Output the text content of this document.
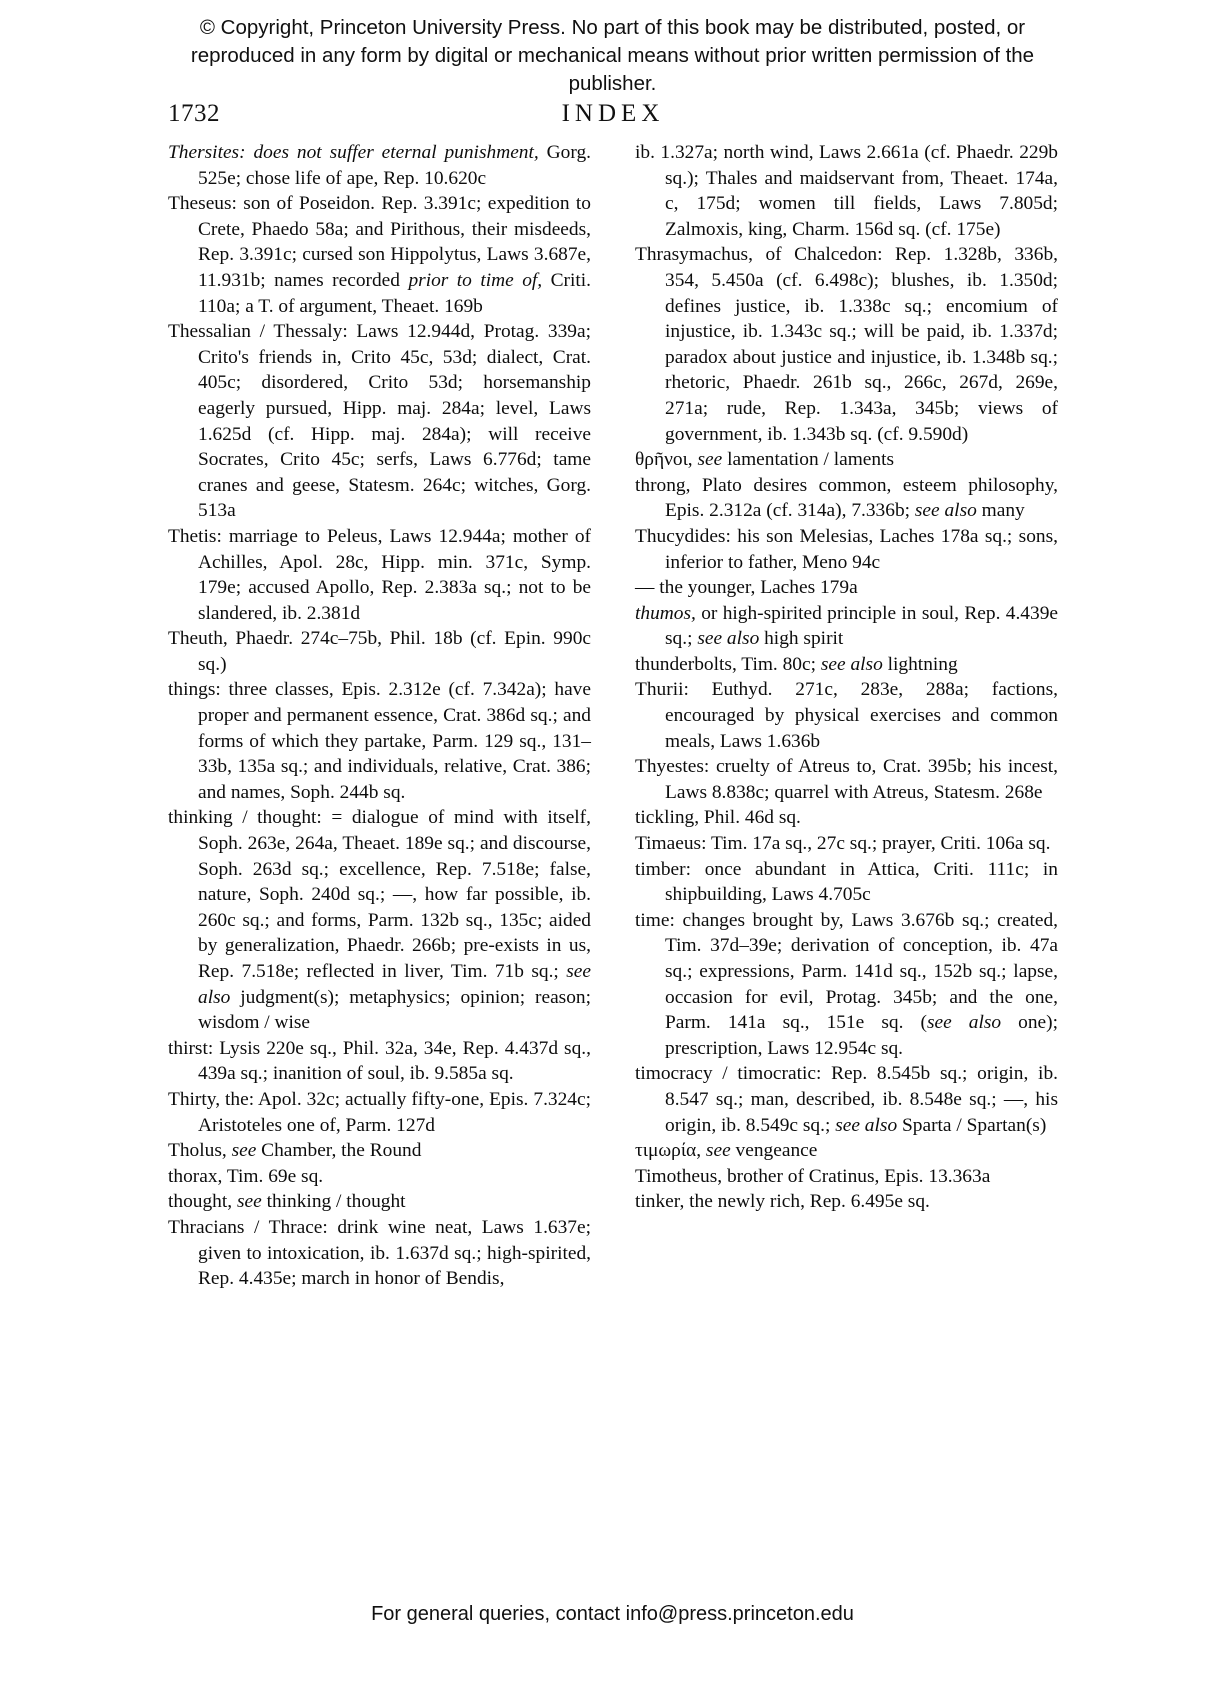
© Copyright, Princeton University Press. No part of this book may be distributed, posted, or reproduced in any form by digital or mechanical means without prior written permission of the publisher.
1732	INDEX

Thersites: does not suffer eternal punishment, Gorg. 525e; chose life of ape, Rep. 10.620c

Theseus: son of Poseidon. Rep. 3.391c; expedition to Crete, Phaedo 58a; and Pirithous, their misdeeds, Rep. 3.391c; cursed son Hippolytus, Laws 3.687e, 11.931b; names recorded prior to time of, Criti. 110a; a T. of argument, Theaet. 169b

Thessalian / Thessaly: Laws 12.944d, Protag. 339a; Crito's friends in, Crito 45c, 53d; dialect, Crat. 405c; disordered, Crito 53d; horsemanship eagerly pursued, Hipp. maj. 284a; level, Laws 1.625d (cf. Hipp. maj. 284a); will receive Socrates, Crito 45c; serfs, Laws 6.776d; tame cranes and geese, Statesm. 264c; witches, Gorg. 513a

Thetis: marriage to Peleus, Laws 12.944a; mother of Achilles, Apol. 28c, Hipp. min. 371c, Symp. 179e; accused Apollo, Rep. 2.383a sq.; not to be slandered, ib. 2.381d

Theuth, Phaedr. 274c–75b, Phil. 18b (cf. Epin. 990c sq.)

things: three classes, Epis. 2.312e (cf. 7.342a); have proper and permanent essence, Crat. 386d sq.; and forms of which they partake, Parm. 129 sq., 131–33b, 135a sq.; and individuals, relative, Crat. 386; and names, Soph. 244b sq.

thinking / thought: = dialogue of mind with itself, Soph. 263e, 264a, Theaet. 189e sq.; and discourse, Soph. 263d sq.; excellence, Rep. 7.518e; false, nature, Soph. 240d sq.; —, how far possible, ib. 260c sq.; and forms, Parm. 132b sq., 135c; aided by generalization, Phaedr. 266b; pre-exists in us, Rep. 7.518e; reflected in liver, Tim. 71b sq.; see also judgment(s); metaphysics; opinion; reason; wisdom / wise

thirst: Lysis 220e sq., Phil. 32a, 34e, Rep. 4.437d sq., 439a sq.; inanition of soul, ib. 9.585a sq.

Thirty, the: Apol. 32c; actually fifty-one, Epis. 7.324c; Aristoteles one of, Parm. 127d

Tholus, see Chamber, the Round

thorax, Tim. 69e sq.

thought, see thinking / thought

Thracians / Thrace: drink wine neat, Laws 1.637e; given to intoxication, ib. 1.637d sq.; high-spirited, Rep. 4.435e; march in honor of Bendis,

ib. 1.327a; north wind, Laws 2.661a (cf. Phaedr. 229b sq.); Thales and maidservant from, Theaet. 174a, c, 175d; women till fields, Laws 7.805d; Zalmoxis, king, Charm. 156d sq. (cf. 175e)

Thrasymachus, of Chalcedon: Rep. 1.328b, 336b, 354, 5.450a (cf. 6.498c); blushes, ib. 1.350d; defines justice, ib. 1.338c sq.; encomium of injustice, ib. 1.343c sq.; will be paid, ib. 1.337d; paradox about justice and injustice, ib. 1.348b sq.; rhetoric, Phaedr. 261b sq., 266c, 267d, 269e, 271a; rude, Rep. 1.343a, 345b; views of government, ib. 1.343b sq. (cf. 9.590d)

θρῆνοι, see lamentation / laments

throng, Plato desires common, esteem philosophy, Epis. 2.312a (cf. 314a), 7.336b; see also many

Thucydides: his son Melesias, Laches 178a sq.; sons, inferior to father, Meno 94c

— the younger, Laches 179a

thumos, or high-spirited principle in soul, Rep. 4.439e sq.; see also high spirit

thunderbolts, Tim. 80c; see also lightning

Thurii: Euthyd. 271c, 283e, 288a; factions, encouraged by physical exercises and common meals, Laws 1.636b

Thyestes: cruelty of Atreus to, Crat. 395b; his incest, Laws 8.838c; quarrel with Atreus, Statesm. 268e

tickling, Phil. 46d sq.

Timaeus: Tim. 17a sq., 27c sq.; prayer, Criti. 106a sq.

timber: once abundant in Attica, Criti. 111c; in shipbuilding, Laws 4.705c

time: changes brought by, Laws 3.676b sq.; created, Tim. 37d–39e; derivation of conception, ib. 47a sq.; expressions, Parm. 141d sq., 152b sq.; lapse, occasion for evil, Protag. 345b; and the one, Parm. 141a sq., 151e sq. (see also one); prescription, Laws 12.954c sq.

timocracy / timocratic: Rep. 8.545b sq.; origin, ib. 8.547 sq.; man, described, ib. 8.548e sq.; —, his origin, ib. 8.549c sq.; see also Sparta / Spartan(s)

τιμωρία, see vengeance

Timotheus, brother of Cratinus, Epis. 13.363a

tinker, the newly rich, Rep. 6.495e sq.

For general queries, contact info@press.princeton.edu
